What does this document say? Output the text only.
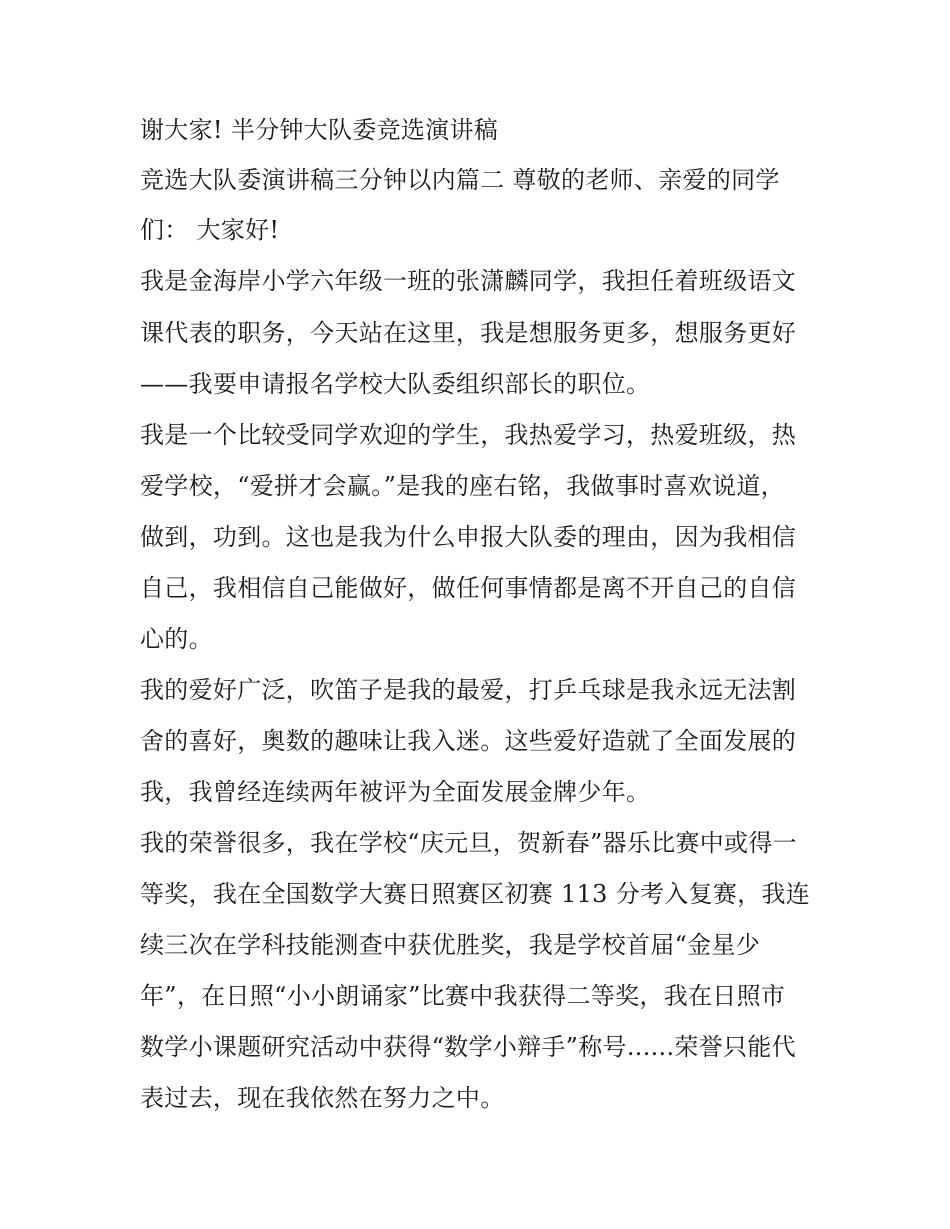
谢大家! 半分钟大队委竞选演讲稿
竞选大队委演讲稿三分钟以内篇二 尊敬的老师、亲爱的同学
们： 大家好!
我是金海岸小学六年级一班的张潇麟同学，我担任着班级语文
课代表的职务，今天站在这里，我是想服务更多，想服务更好
——我要申请报名学校大队委组织部长的职位。
我是一个比较受同学欢迎的学生，我热爱学习，热爱班级，热
爱学校，“爱拼才会赢。”是我的座右铭，我做事时喜欢说道，
做到，功到。这也是我为什么申报大队委的理由，因为我相信
自己，我相信自己能做好，做任何事情都是离不开自己的自信
心的。
我的爱好广泛，吹笛子是我的最爱，打乒乓球是我永远无法割
舍的喜好，奥数的趣味让我入迷。这些爱好造就了全面发展的
我，我曾经连续两年被评为全面发展金牌少年。
我的荣誉很多，我在学校“庆元旦，贺新春”器乐比赛中或得一
等奖，我在全国数学大赛日照赛区初赛 113 分考入复赛，我连
续三次在学科技能测查中获优胜奖，我是学校首届“金星少
年”，在日照“小小朗诵家”比赛中我获得二等奖，我在日照市
数学小课题研究活动中获得“数学小辩手”称号......荣誉只能代
表过去，现在我依然在努力之中。
